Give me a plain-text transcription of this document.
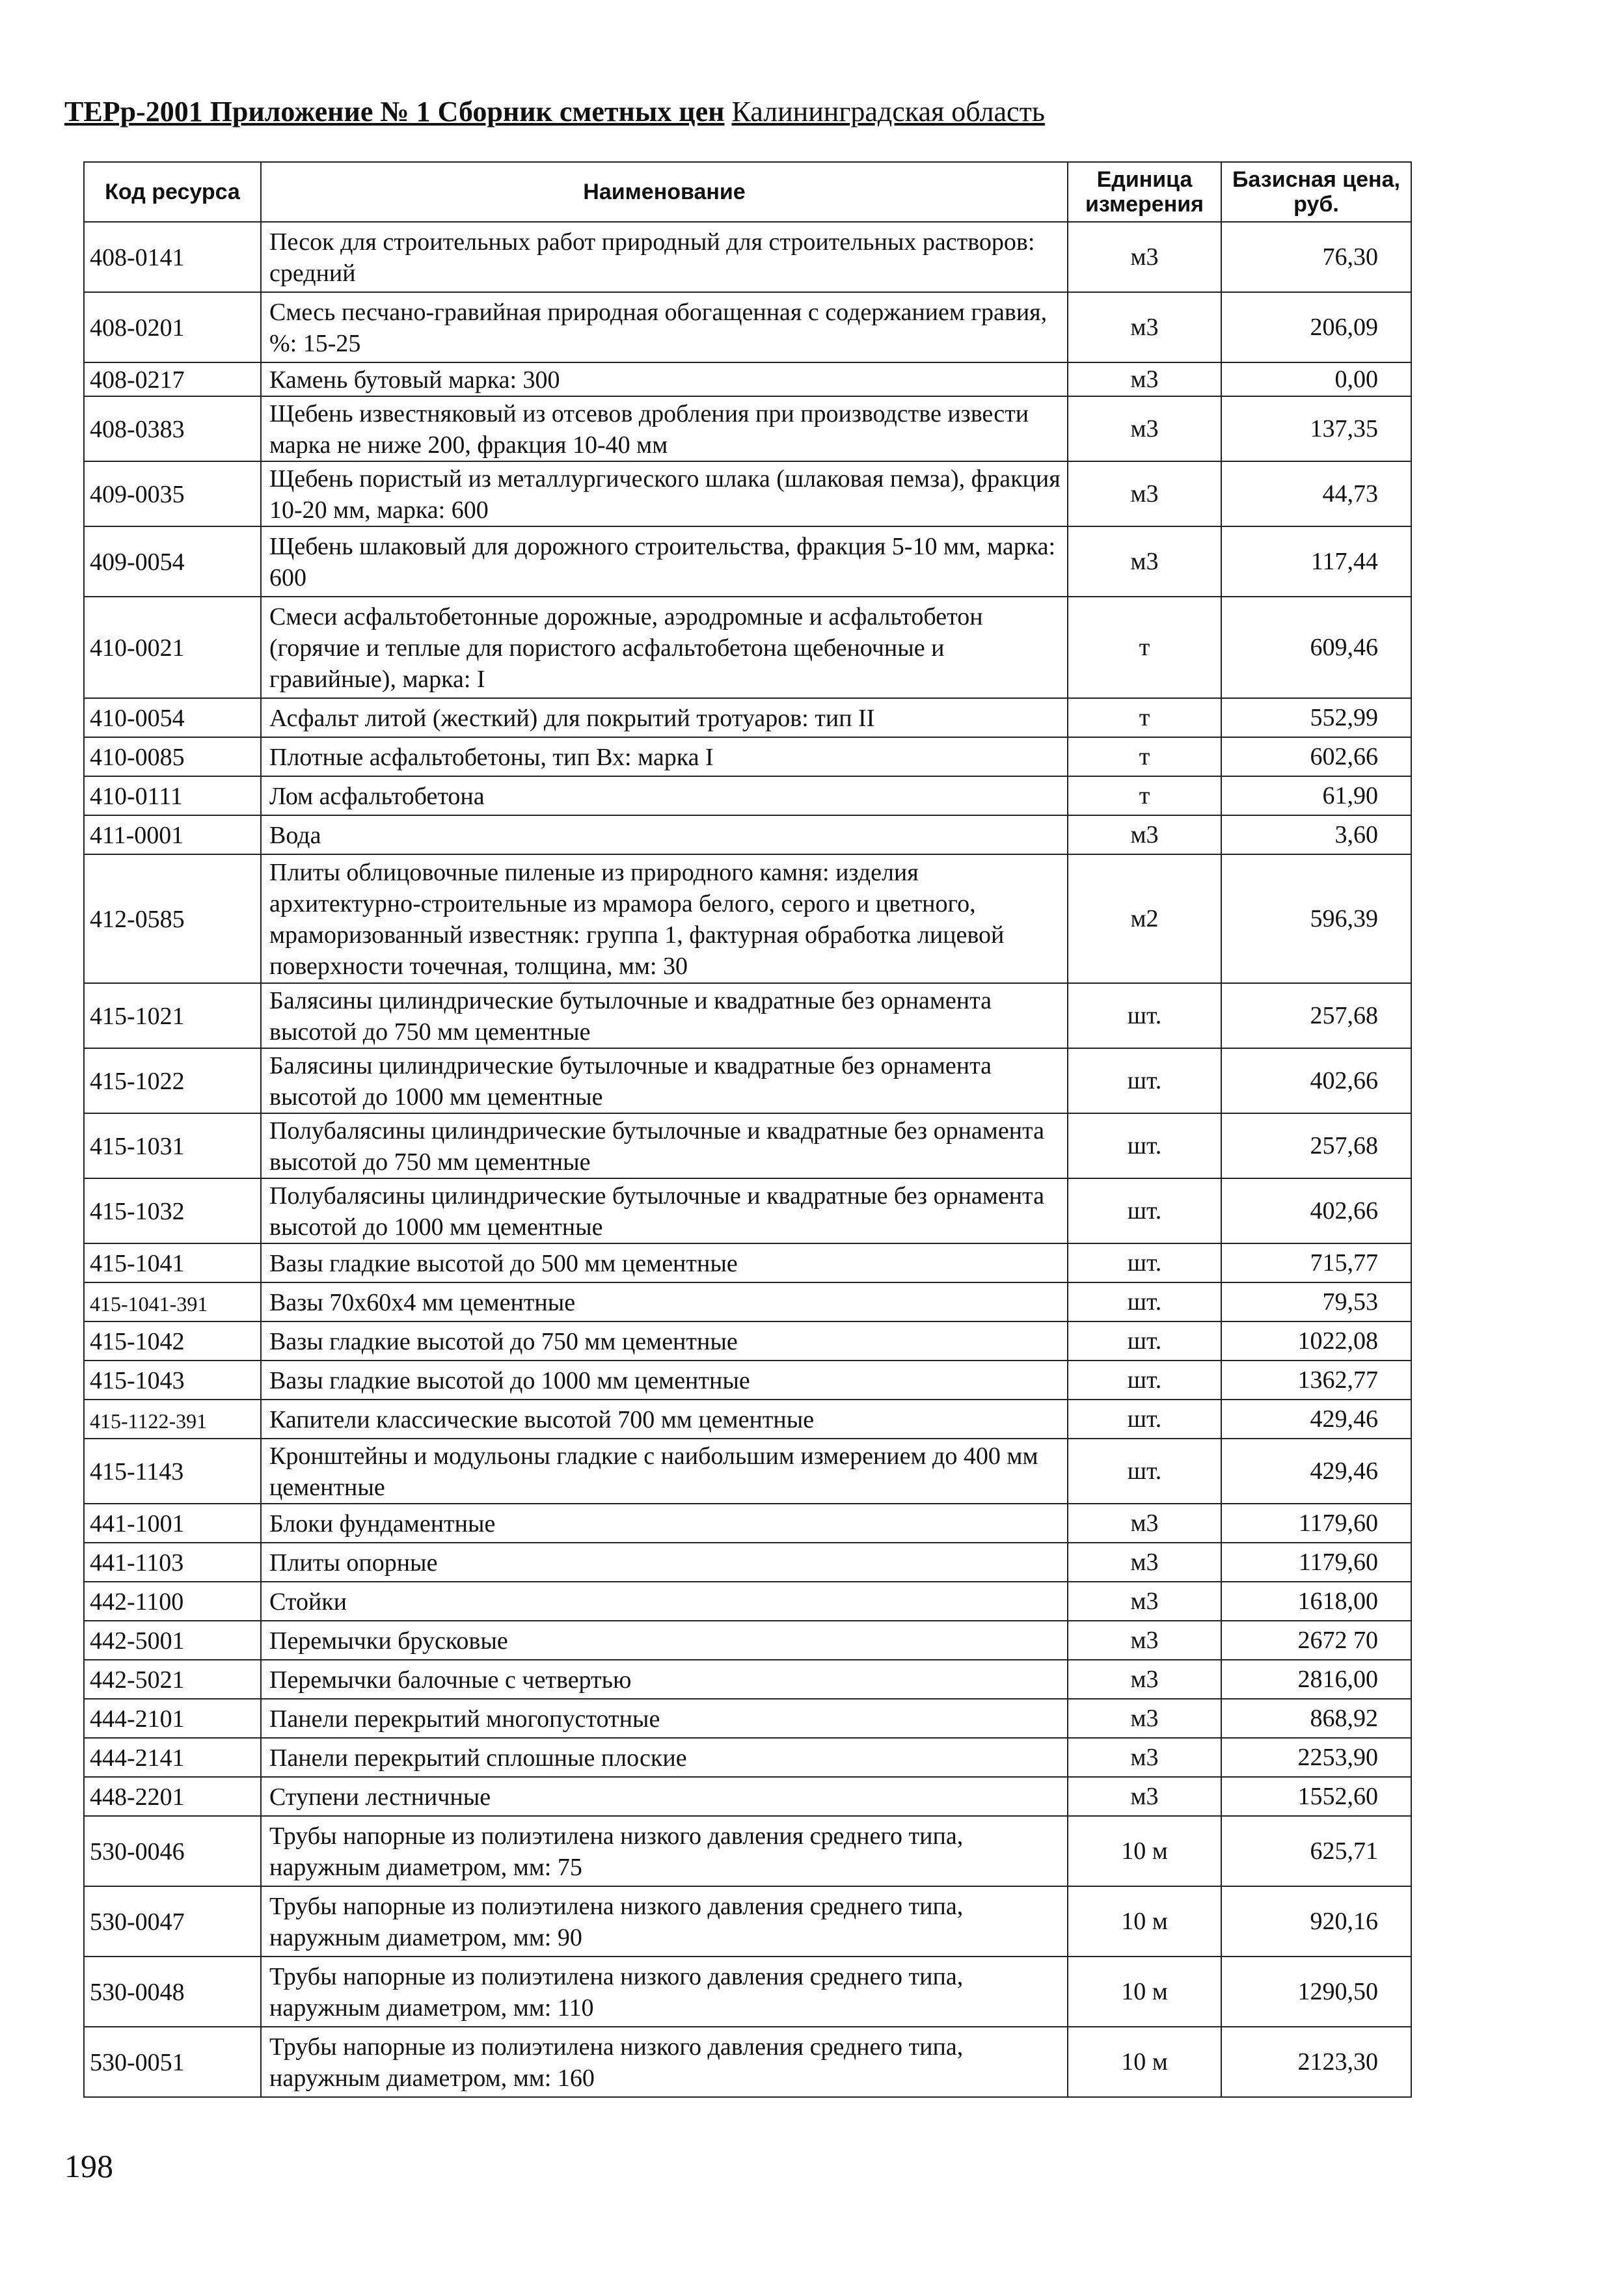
ТЕРр-2001 Приложение № 1 Сборник сметных цен Калининградская область
Код ресурса	Наименование	Единица измерения	Базисная цена, руб.
408-0141	Песок для строительных работ природный для строительных растворов: средний	м3	76,30
408-0201	Смесь песчано-гравийная природная обогащенная с содержанием гравия, %: 15-25	м3	206,09
408-0217	Камень бутовый марка: 300	м3	0,00
408-0383	Щебень известняковый из отсевов дробления при производстве извести марка не ниже 200, фракция 10-40 мм	м3	137,35
409-0035	Щебень пористый из металлургического шлака (шлаковая пемза), фракция 10-20 мм, марка: 600	м3	44,73
409-0054	Щебень шлаковый для дорожного строительства, фракция 5-10 мм, марка: 600	м3	117,44
410-0021	Смеси асфальтобетонные дорожные, аэродромные и асфальтобетон (горячие и теплые для пористого асфальтобетона щебеночные и гравийные), марка: I	т	609,46
410-0054	Асфальт литой (жесткий) для покрытий тротуаров: тип II	т	552,99
410-0085	Плотные асфальтобетоны, тип Вх: марка I	т	602,66
410-0111	Лом асфальтобетона	т	61,90
411-0001	Вода	м3	3,60
412-0585	Плиты облицовочные пиленые из природного камня: изделия архитектурно-строительные из мрамора белого, серого и цветного, мраморизованный известняк: группа 1, фактурная обработка лицевой поверхности точечная, толщина, мм: 30	м2	596,39
415-1021	Балясины цилиндрические бутылочные и квадратные без орнамента высотой до 750 мм цементные	шт.	257,68
415-1022	Балясины цилиндрические бутылочные и квадратные без орнамента высотой до 1000 мм цементные	шт.	402,66
415-1031	Полубалясины цилиндрические бутылочные и квадратные без орнамента высотой до 750 мм цементные	шт.	257,68
415-1032	Полубалясины цилиндрические бутылочные и квадратные без орнамента высотой до 1000 мм цементные	шт.	402,66
415-1041	Вазы гладкие высотой до 500 мм цементные	шт.	715,77
415-1041-391	Вазы 70х60х4 мм цементные	шт.	79,53
415-1042	Вазы гладкие высотой до 750 мм цементные	шт.	1022,08
415-1043	Вазы гладкие высотой до 1000 мм цементные	шт.	1362,77
415-1122-391	Капители классические высотой 700 мм цементные	шт.	429,46
415-1143	Кронштейны и модульоны гладкие с наибольшим измерением до 400 мм цементные	шт.	429,46
441-1001	Блоки фундаментные	м3	1179,60
441-1103	Плиты опорные	м3	1179,60
442-1100	Стойки	м3	1618,00
442-5001	Перемычки брусковые	м3	2672 70
442-5021	Перемычки балочные с четвертью	м3	2816,00
444-2101	Панели перекрытий многопустотные	м3	868,92
444-2141	Панели перекрытий сплошные плоские	м3	2253,90
448-2201	Ступени лестничные	м3	1552,60
530-0046	Трубы напорные из полиэтилена низкого давления среднего типа, наружным диаметром, мм: 75	10 м	625,71
530-0047	Трубы напорные из полиэтилена низкого давления среднего типа, наружным диаметром, мм: 90	10 м	920,16
530-0048	Трубы напорные из полиэтилена низкого давления среднего типа, наружным диаметром, мм: 110	10 м	1290,50
530-0051	Трубы напорные из полиэтилена низкого давления среднего типа, наружным диаметром, мм: 160	10 м	2123,30
198
